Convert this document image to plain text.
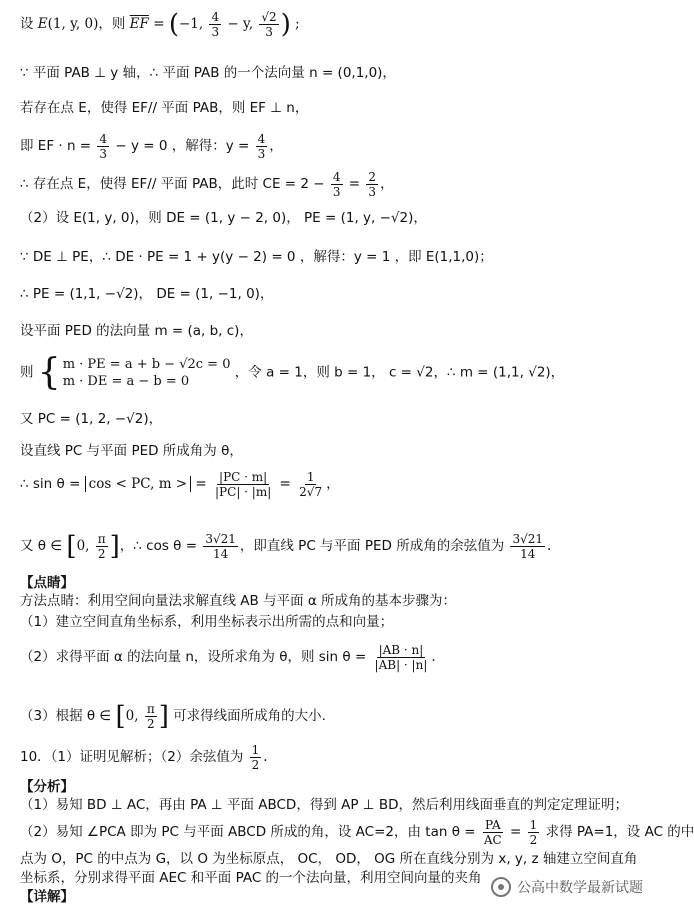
设 E(1, y, 0)，则 $\overline{EF} = (-1$, $\frac{4}{3} - y$, $\frac{√2}{3}$ ) ;
∵ 平面 PAB ⊥ y 轴，∴ 平面 PAB 的一个法向量 n = (0,1,0)，
若存在点 E，使得 EF// 平面 PAB，则 EF ⊥ n，
即 EF · $n = \frac{4}{3} - y = 0$ ，解得：$y = \frac{4}{3}$ ，
∴ 存在点 E，使得 EF// 平面 PAB，此时 CE = $2 - \frac{4}{3} = \frac{2}{3}$ ，
（2）设 E(1, y, 0)，则 DE = (1, y − 2, 0)， PE = (1, y, −√2)，
∵ DE ⊥ PE，∴ DE · PE = 1 + y(y − 2) = 0 ，解得：y = 1 ，即 E(1,1,0)；
∴ PE = (1,1, −√2)， DE = (1, −1, 0)，
设平面 PED 的法向量 m = (a, b, c)，
则 { m · PE = a + b − √2c = 0
m · DE = a − b = 0
，令 a = 1，则 b = 1， c = √2，∴ m = (1,1, √2)，
又 PC = (1, 2, −√2)，
设直线 PC 与平面 PED 所成角为 θ，
∴ sin θ = cos < PC, m > = $\frac{|PC \cdot m|}{|PC| \cdot |m|} = \frac{1}{2√7}$ ，
又 θ ∈ [0, $\frac{\pi}{2}$ ]，∴ $\cos \theta = \frac{3√21}{14}$ ，即直线 PC 与平面 PED 所成角的余弦值为 $\frac{3√21}{14}$ .
【点睛】
方法点睛：利用空间向量法求解直线 AB 与平面 α 所成角的基本步骤为：
（1）建立空间直角坐标系，利用坐标表示出所需的点和向量；
（2）求得平面 α 的法向量 n，设所求角为 θ，则 $\sin \theta = \frac{|AB \cdot n|}{|AB| \cdot |n|}$ .
（3）根据 θ ∈ [0, $\frac{\pi}{2}$ ] 可求得线面所成角的大小.
10．（1）证明见解析；（2）余弦值为 $\frac{1}{2}$ .
【分析】
（1）易知 BD ⊥ AC，再由 PA ⊥ 平面 ABCD，得到 AP ⊥ BD，然后利用线面垂直的判定定理证明；
（2）易知 ∠PCA 即为 PC 与平面 ABCD 所成的角，设 AC=2，由 $\tan \theta = \frac{PA}{AC} = \frac{1}{2}$ 求得 PA=1，设 AC 的中
点为 O，PC 的中点为 G，以 O 为坐标原点， OC， OD， OG 所在直线分别为 x, y, z 轴建立空间直角
坐标系，分别求得平面 AEC 和平面 PAC 的一个法向量，利用空间向量的夹角
【详解】
公高中数学最新试题
